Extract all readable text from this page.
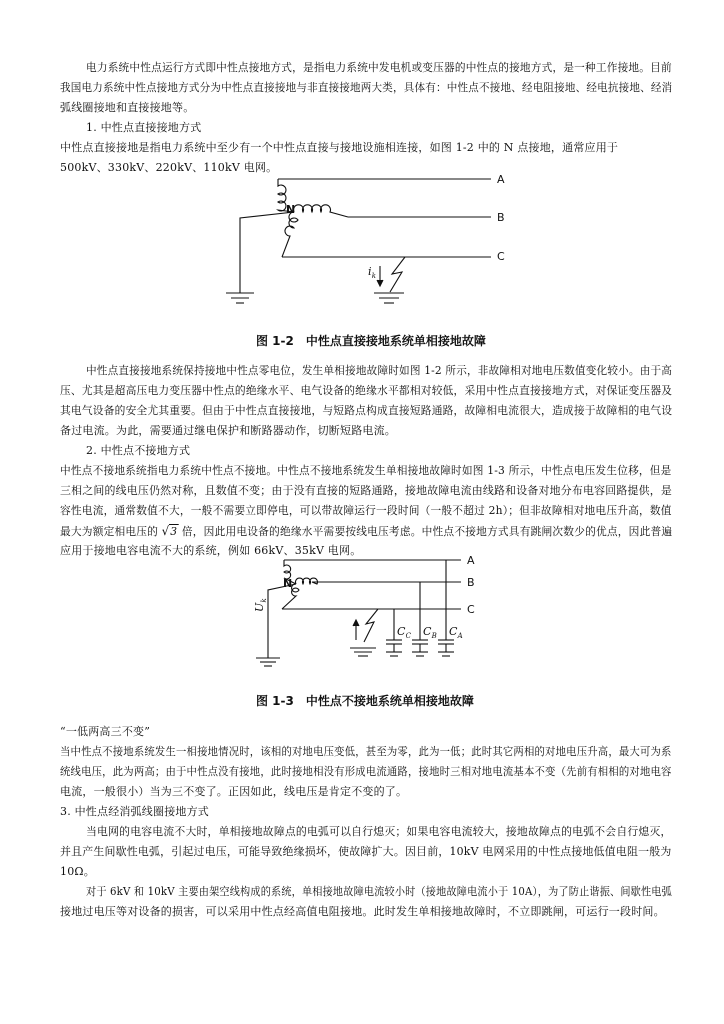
电力系统中性点运行方式即中性点接地方式，是指电力系统中发电机或变压器的中性点的接地方式，是一种工作接地。目前
我国电力系统中性点接地方式分为中性点直接接地与非直接接地两大类，具体有：中性点不接地、经电阻接地、经电抗接地、经消
弧线圈接地和直接接地等。
1. 中性点直接接地方式
中性点直接接地是指电力系统中至少有一个中性点直接与接地设施相连接，如图 1-2 中的 N 点接地，通常应用于
500kV、330kV、220kV、110kV 电网。
A
B
C
N
$i_k$
图 1-2　中性点直接接地系统单相接地故障
中性点直接接地系统保持接地中性点零电位，发生单相接地故障时如图 1-2 所示，非故障相对地电压数值变化较小。由于高
压、尤其是超高压电力变压器中性点的绝缘水平、电气设备的绝缘水平都相对较低，采用中性点直接接地方式，对保证变压器及
其电气设备的安全尤其重要。但由于中性点直接接地，与短路点构成直接短路通路，故障相电流很大，造成接于故障相的电气设
备过电流。为此，需要通过继电保护和断路器动作，切断短路电流。
2. 中性点不接地方式
中性点不接地系统指电力系统中性点不接地。中性点不接地系统发生单相接地故障时如图 1-3 所示，中性点电压发生位移，但是
三相之间的线电压仍然对称，且数值不变；由于没有直接的短路通路，接地故障电流由线路和设备对地分布电容回路提供，是
容性电流，通常数值不大，一般不需要立即停电，可以带故障运行一段时间（一般不超过 2h）；但非故障相对地电压升高，数值
最大为额定相电压的 √3 倍，因此用电设备的绝缘水平需要按线电压考虑。中性点不接地方式具有跳闸次数少的优点，因此普遍
应用于接地电容电流不大的系统，例如 66kV、35kV 电网。
A
B
C
N
$U_k$
$C_C$ $C_B$ $C_A$
图 1-3　中性点不接地系统单相接地故障
“一低两高三不变”
当中性点不接地系统发生一相接地情况时，该相的对地电压变低，甚至为零，此为一低；此时其它两相的对地电压升高，最大可为系
统线电压，此为两高；由于中性点没有接地，此时接地相没有形成电流通路，接地时三相对地电流基本不变（先前有相相的对地电容
电流，一般很小）当为三不变了。正因如此，线电压是肯定不变的了。
3. 中性点经消弧线圈接地方式
当电网的电容电流不大时，单相接地故障点的电弧可以自行熄灭；如果电容电流较大，接地故障点的电弧不会自行熄灭，
并且产生间歇性电弧，引起过电压，可能导致绝缘损坏，使故障扩大。因目前，10kV 电网采用的中性点接地低值电阻一般为
10Ω。
对于 6kV 和 10kV 主要由架空线构成的系统，单相接地故障电流较小时（接地故障电流小于 10A），为了防止谐振、间歇性电弧
接地过电压等对设备的损害，可以采用中性点经高值电阻接地。此时发生单相接地故障时，不立即跳闸，可运行一段时间。
